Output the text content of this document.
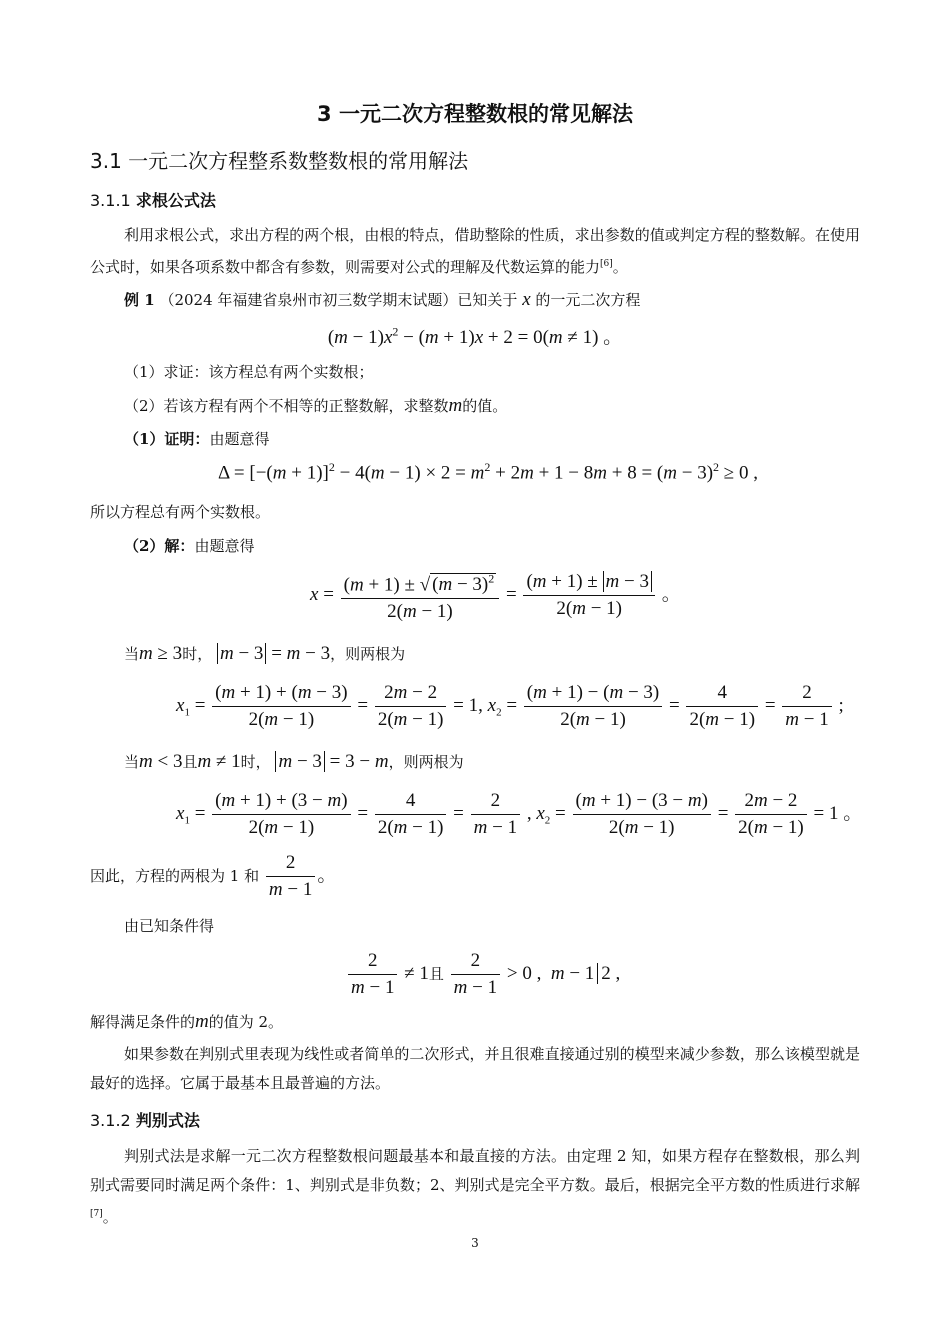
3 一元二次方程整数根的常见解法
3.1 一元二次方程整系数整数根的常用解法
3.1.1 求根公式法
利用求根公式，求出方程的两个根，由根的特点，借助整除的性质，求出参数的值或判定方程的整数解。在使用公式时，如果各项系数中都含有参数，则需要对公式的理解及代数运算的能力[6]。
例 1 （2024 年福建省泉州市初三数学期末试题）已知关于 x 的一元二次方程
$(m - 1)x^2 - (m + 1)x + 2 = 0(m \ne 1)$ 。
（1）求证：该方程总有两个实数根；
（2）若该方程有两个不相等的正整数解，求整数m的值。
（1）证明：由题意得
$\Delta = [-(m + 1)]^2 - 4(m - 1) \times 2 = m^2 + 2m + 1 - 8m + 8 = (m - 3)^2 \ge 0$ ,
所以方程总有两个实数根。
（2）解：由题意得
$x = \frac{(m + 1) \pm √ (m - 3)^2}{2(m - 1)} = \frac{(m + 1) \pm m - 3}{2(m - 1)}$ 。
当m ≥ 3时， m − 3 = m − 3，则两根为
$x_1 = \frac{(m + 1) + (m - 3)}{2(m - 1)} = \frac{2m - 2}{2(m - 1)} = 1$, $x_2 = \frac{(m + 1) - (m - 3)}{2(m - 1)} = \frac{4}{2(m - 1)} = \frac{2}{m - 1}$ ;
当m < 3且m ≠ 1时， m − 3 = 3 − m，则两根为
$x_1 = \frac{(m + 1) + (3 - m)}{2(m - 1)} = \frac{4}{2(m - 1)} = \frac{2}{m - 1}$ , $x_2 = \frac{(m + 1) - (3 - m)}{2(m - 1)} = \frac{2m - 2}{2(m - 1)} = 1$ 。
因此，方程的两根为 1 和 $\frac{2}{m - 1}$ 。
由已知条件得
$\frac{2}{m - 1} \ne 1$且 $\frac{2}{m - 1} > 0$ ,  m − 1 2 ,
解得满足条件的m的值为 2。
如果参数在判别式里表现为线性或者简单的二次形式，并且很难直接通过别的模型来减少参数，那么该模型就是最好的选择。它属于最基本且最普遍的方法。
3.1.2 判别式法
判别式法是求解一元二次方程整数根问题最基本和最直接的方法。由定理 2 知，如果方程存在整数根，那么判别式需要同时满足两个条件：1、判别式是非负数；2、判别式是完全平方数。最后，根据完全平方数的性质进行求解[7]。
3
